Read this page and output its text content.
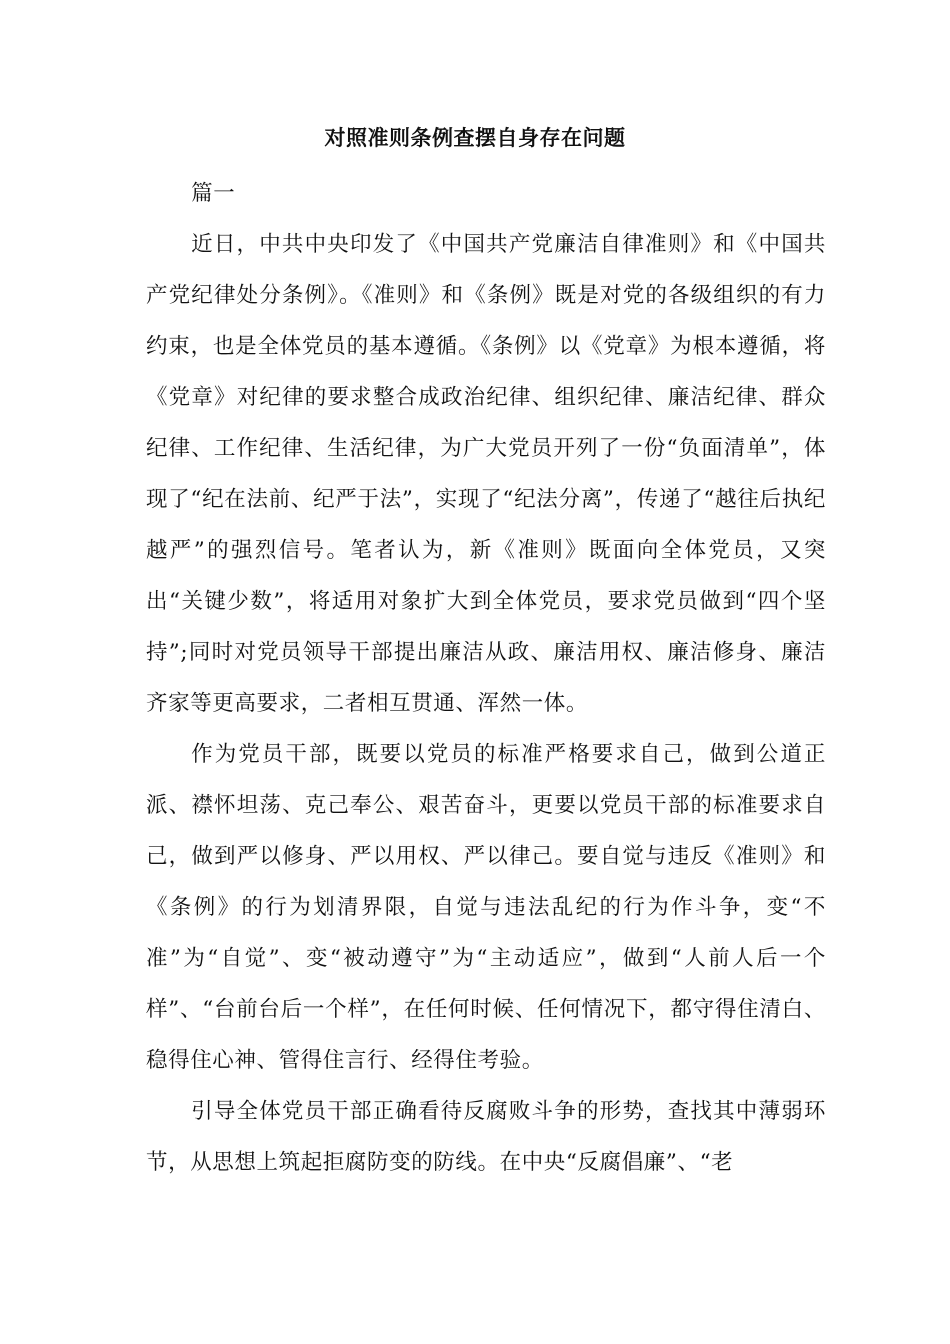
对照准则条例查摆自身存在问题

篇一

近日，中共中央印发了《中国共产党廉洁自律准则》和《中国共产党纪律处分条例》。《准则》和《条例》既是对党的各级组织的有力约束，也是全体党员的基本遵循。《条例》以《党章》为根本遵循，将《党章》对纪律的要求整合成政治纪律、组织纪律、廉洁纪律、群众纪律、工作纪律、生活纪律，为广大党员开列了一份“负面清单”，体现了“纪在法前、纪严于法”，实现了“纪法分离”，传递了“越往后执纪越严”的强烈信号。笔者认为，新《准则》既面向全体党员，又突出“关键少数”，将适用对象扩大到全体党员，要求党员做到“四个坚持”;同时对党员领导干部提出廉洁从政、廉洁用权、廉洁修身、廉洁齐家等更高要求，二者相互贯通、浑然一体。

作为党员干部，既要以党员的标准严格要求自己，做到公道正派、襟怀坦荡、克己奉公、艰苦奋斗，更要以党员干部的标准要求自己，做到严以修身、严以用权、严以律己。要自觉与违反《准则》和《条例》的行为划清界限，自觉与违法乱纪的行为作斗争，变“不准”为“自觉”、变“被动遵守”为“主动适应”，做到“人前人后一个样”、“台前台后一个样”，在任何时候、任何情况下，都守得住清白、稳得住心神、管得住言行、经得住考验。

引导全体党员干部正确看待反腐败斗争的形势，查找其中薄弱环节，从思想上筑起拒腐防变的防线。在中央“反腐倡廉”、“老
